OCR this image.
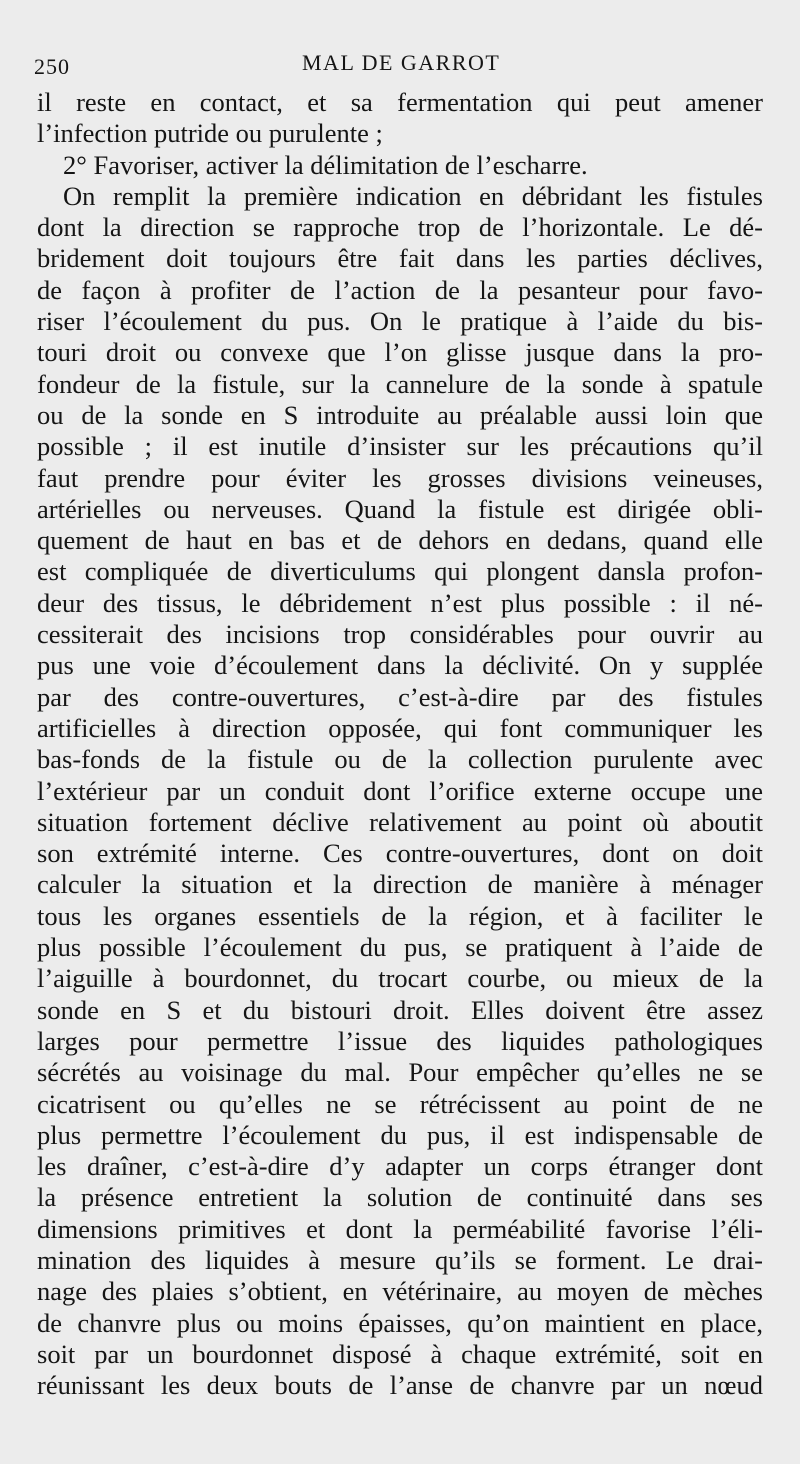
250	MAL DE GARROT
il reste en contact, et sa fermentation qui peut amener
l’infection putride ou purulente ;
2° Favoriser, activer la délimitation de l’escharre.
On remplit la première indication en débridant les fistules
dont la direction se rapproche trop de l’horizontale. Le dé-
bridement doit toujours être fait dans les parties déclives,
de façon à profiter de l’action de la pesanteur pour favo-
riser l’écoulement du pus. On le pratique à l’aide du bis-
touri droit ou convexe que l’on glisse jusque dans la pro-
fondeur de la fistule, sur la cannelure de la sonde à spatule
ou de la sonde en S introduite au préalable aussi loin que
possible ; il est inutile d’insister sur les précautions qu’il
faut prendre pour éviter les grosses divisions veineuses,
artérielles ou nerveuses. Quand la fistule est dirigée obli-
quement de haut en bas et de dehors en dedans, quand elle
est compliquée de diverticulums qui plongent dansla profon-
deur des tissus, le débridement n’est plus possible : il né-
cessiterait des incisions trop considérables pour ouvrir au
pus une voie d’écoulement dans la déclivité. On y supplée
par des contre-ouvertures, c’est-à-dire par des fistules
artificielles à direction opposée, qui font communiquer les
bas-fonds de la fistule ou de la collection purulente avec
l’extérieur par un conduit dont l’orifice externe occupe une
situation fortement déclive relativement au point où aboutit
son extrémité interne. Ces contre-ouvertures, dont on doit
calculer la situation et la direction de manière à ménager
tous les organes essentiels de la région, et à faciliter le
plus possible l’écoulement du pus, se pratiquent à l’aide de
l’aiguille à bourdonnet, du trocart courbe, ou mieux de la
sonde en S et du bistouri droit. Elles doivent être assez
larges pour permettre l’issue des liquides pathologiques
sécrétés au voisinage du mal. Pour empêcher qu’elles ne se
cicatrisent ou qu’elles ne se rétrécissent au point de ne
plus permettre l’écoulement du pus, il est indispensable de
les draîner, c’est-à-dire d’y adapter un corps étranger dont
la présence entretient la solution de continuité dans ses
dimensions primitives et dont la perméabilité favorise l’éli-
mination des liquides à mesure qu’ils se forment. Le drai-
nage des plaies s’obtient, en vétérinaire, au moyen de mèches
de chanvre plus ou moins épaisses, qu’on maintient en place,
soit par un bourdonnet disposé à chaque extrémité, soit en
réunissant les deux bouts de l’anse de chanvre par un nœud
